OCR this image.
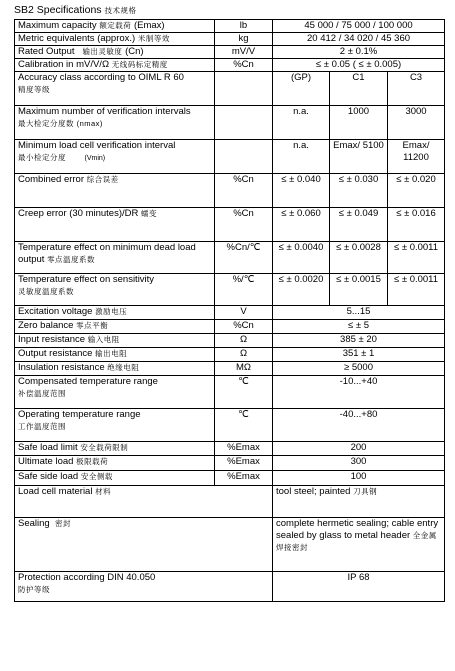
SB2 Specifications 技术规格
Maximum capacity 额定载荷 (Emax)	lb	45 000 / 75 000 / 100 000		
Metric equivalents (approx.) 米制等效	kg	20 412 / 34 020 / 45 360		
Rated Output 输出灵敏度 (Cn)	mV/V	2 ± 0.1%		
Calibration in mV/V/Ω 无线码标定精度	%Cn	≤ ± 0.05 ( ≤ ± 0.005)		

Accuracy class according to OIML R 60
精度等级		(GP)	C1	C3
Maximum number of verification intervals
最大检定分度数 (nmax)		n.a.	1000	3000

Minimum load cell verification interval
最小检定分度 (Vmin)		n.a.	Emax/ 5100	Emax/ 11200
Combined error 综合误差	%Cn	≤ ± 0.040	≤ ± 0.030	≤ ± 0.020
Creep error (30 minutes)/DR 蠕变	%Cn	≤ ± 0.060	≤ ± 0.049	≤ ± 0.016
Temperature effect on minimum dead load output 零点温度系数	%Cn/℃	≤ ± 0.0040	≤ ± 0.0028	≤ ± 0.0011

Temperature effect on sensitivity
灵敏度温度系数	%/℃	≤ ± 0.0020	≤ ± 0.0015	≤ ± 0.0011
Excitation voltage 激励电压	V	5...15		
Zero balance 零点平衡	%Cn	≤ ± 5		
Input resistance 输入电阻	Ω	385 ± 20		
Output resistance 输出电阻	Ω	351 ± 1		
Insulation resistance 绝缘电阻	MΩ	≥ 5000		

Compensated temperature range
补偿温度范围	℃	-10...+40		

Operating temperature range
工作温度范围	℃	-40...+80		
Safe load limit 安全载荷限制	%Emax	200		
Ultimate load 极限载荷	%Emax	300		
Safe side load 安全侧载	%Emax	100		
Load cell material 材料		tool steel; painted 刀具钢		
Sealing 密封		complete hermetic sealing; cable entry sealed by glass to metal header 全金属焊接密封		

Protection according DIN 40.050
防护等级		IP 68		
